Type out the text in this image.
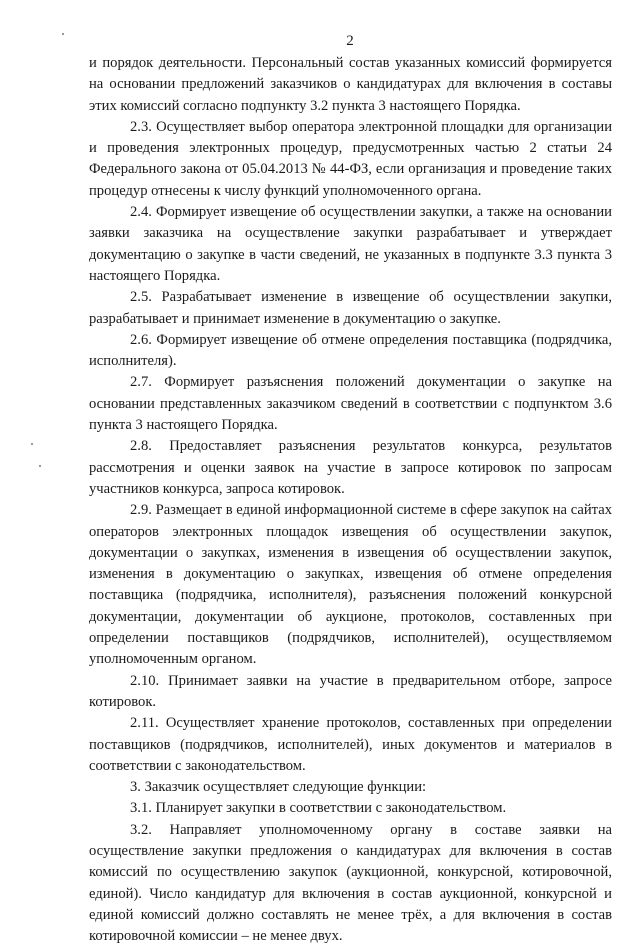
2

и порядок деятельности. Персональный состав указанных комиссий формируется на основании предложений заказчиков о кандидатурах для включения в составы этих комиссий согласно подпункту 3.2 пункта 3 настоящего Порядка.

2.3. Осуществляет выбор оператора электронной площадки для организации и проведения электронных процедур, предусмотренных частью 2 статьи 24 Федерального закона от 05.04.2013 № 44-ФЗ, если организация и проведение таких процедур отнесены к числу функций уполномоченного органа.

2.4. Формирует извещение об осуществлении закупки, а также на основании заявки заказчика на осуществление закупки разрабатывает и утверждает документацию о закупке в части сведений, не указанных в подпункте 3.3 пункта 3 настоящего Порядка.

2.5. Разрабатывает изменение в извещение об осуществлении закупки, разрабатывает и принимает изменение в документацию о закупке.

2.6. Формирует извещение об отмене определения поставщика (подрядчика, исполнителя).

2.7. Формирует разъяснения положений документации о закупке на основании представленных заказчиком сведений в соответствии с подпунктом 3.6 пункта 3 настоящего Порядка.

2.8. Предоставляет разъяснения результатов конкурса, результатов рассмотрения и оценки заявок на участие в запросе котировок по запросам участников конкурса, запроса котировок.

2.9. Размещает в единой информационной системе в сфере закупок на сайтах операторов электронных площадок извещения об осуществлении закупок, документации о закупках, изменения в извещения об осуществлении закупок, изменения в документацию о закупках, извещения об отмене определения поставщика (подрядчика, исполнителя), разъяснения положений конкурсной документации, документации об аукционе, протоколов, составленных при определении поставщиков (подрядчиков, исполнителей), осуществляемом уполномоченным органом.

2.10. Принимает заявки на участие в предварительном отборе, запросе котировок.

2.11. Осуществляет хранение протоколов, составленных при определении поставщиков (подрядчиков, исполнителей), иных документов и материалов в соответствии с законодательством.

3. Заказчик осуществляет следующие функции:

3.1. Планирует закупки в соответствии с законодательством.

3.2. Направляет уполномоченному органу в составе заявки на осуществление закупки предложения о кандидатурах для включения в состав комиссий по осуществлению закупок (аукционной, конкурсной, котировочной, единой). Число кандидатур для включения в состав аукционной, конкурсной и единой комиссий должно составлять не менее трёх, а для включения в состав котировочной комиссии – не менее двух.
